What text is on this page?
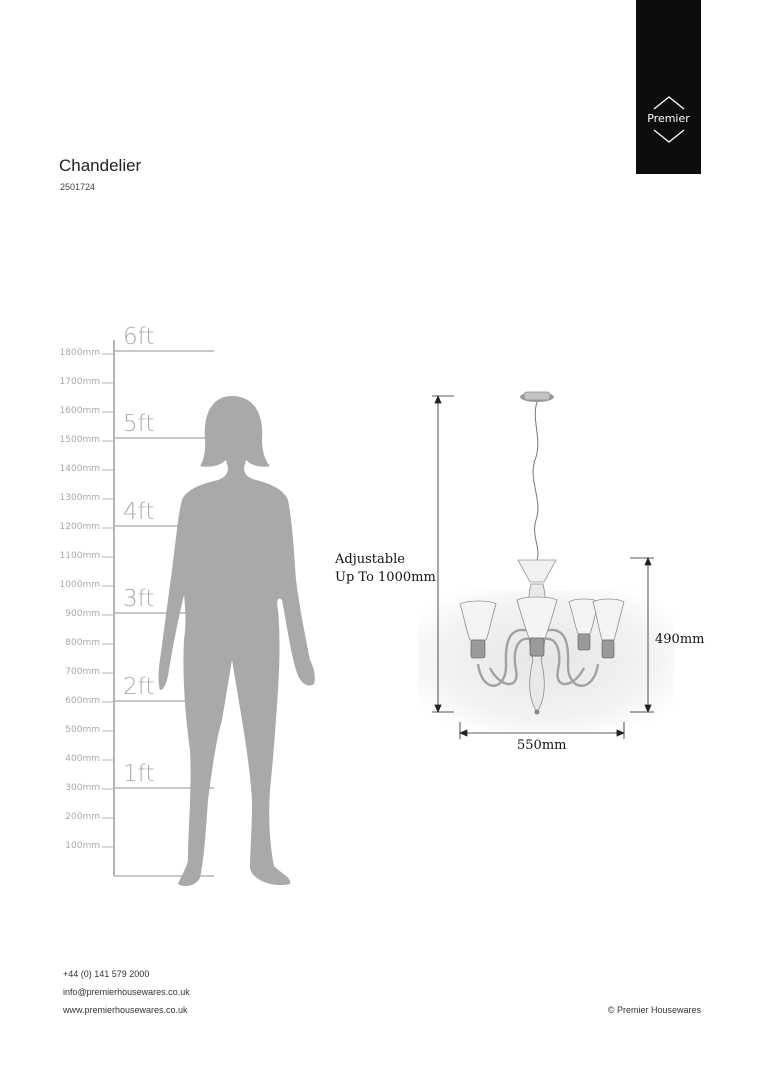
Premier
Chandelier
2501724
1800mm
1700mm
1600mm
1500mm
1400mm
1300mm
1200mm
1100mm
1000mm
900mm
800mm
700mm
600mm
500mm
400mm
300mm
200mm
100mm
6ft
5ft
4ft
3ft
2ft
1ft
Adjustable
Up To 1000mm
490mm
550mm
+44 (0) 141 579 2000
info@premierhousewares.co.uk
www.premierhousewares.co.uk	© Premier Housewares
